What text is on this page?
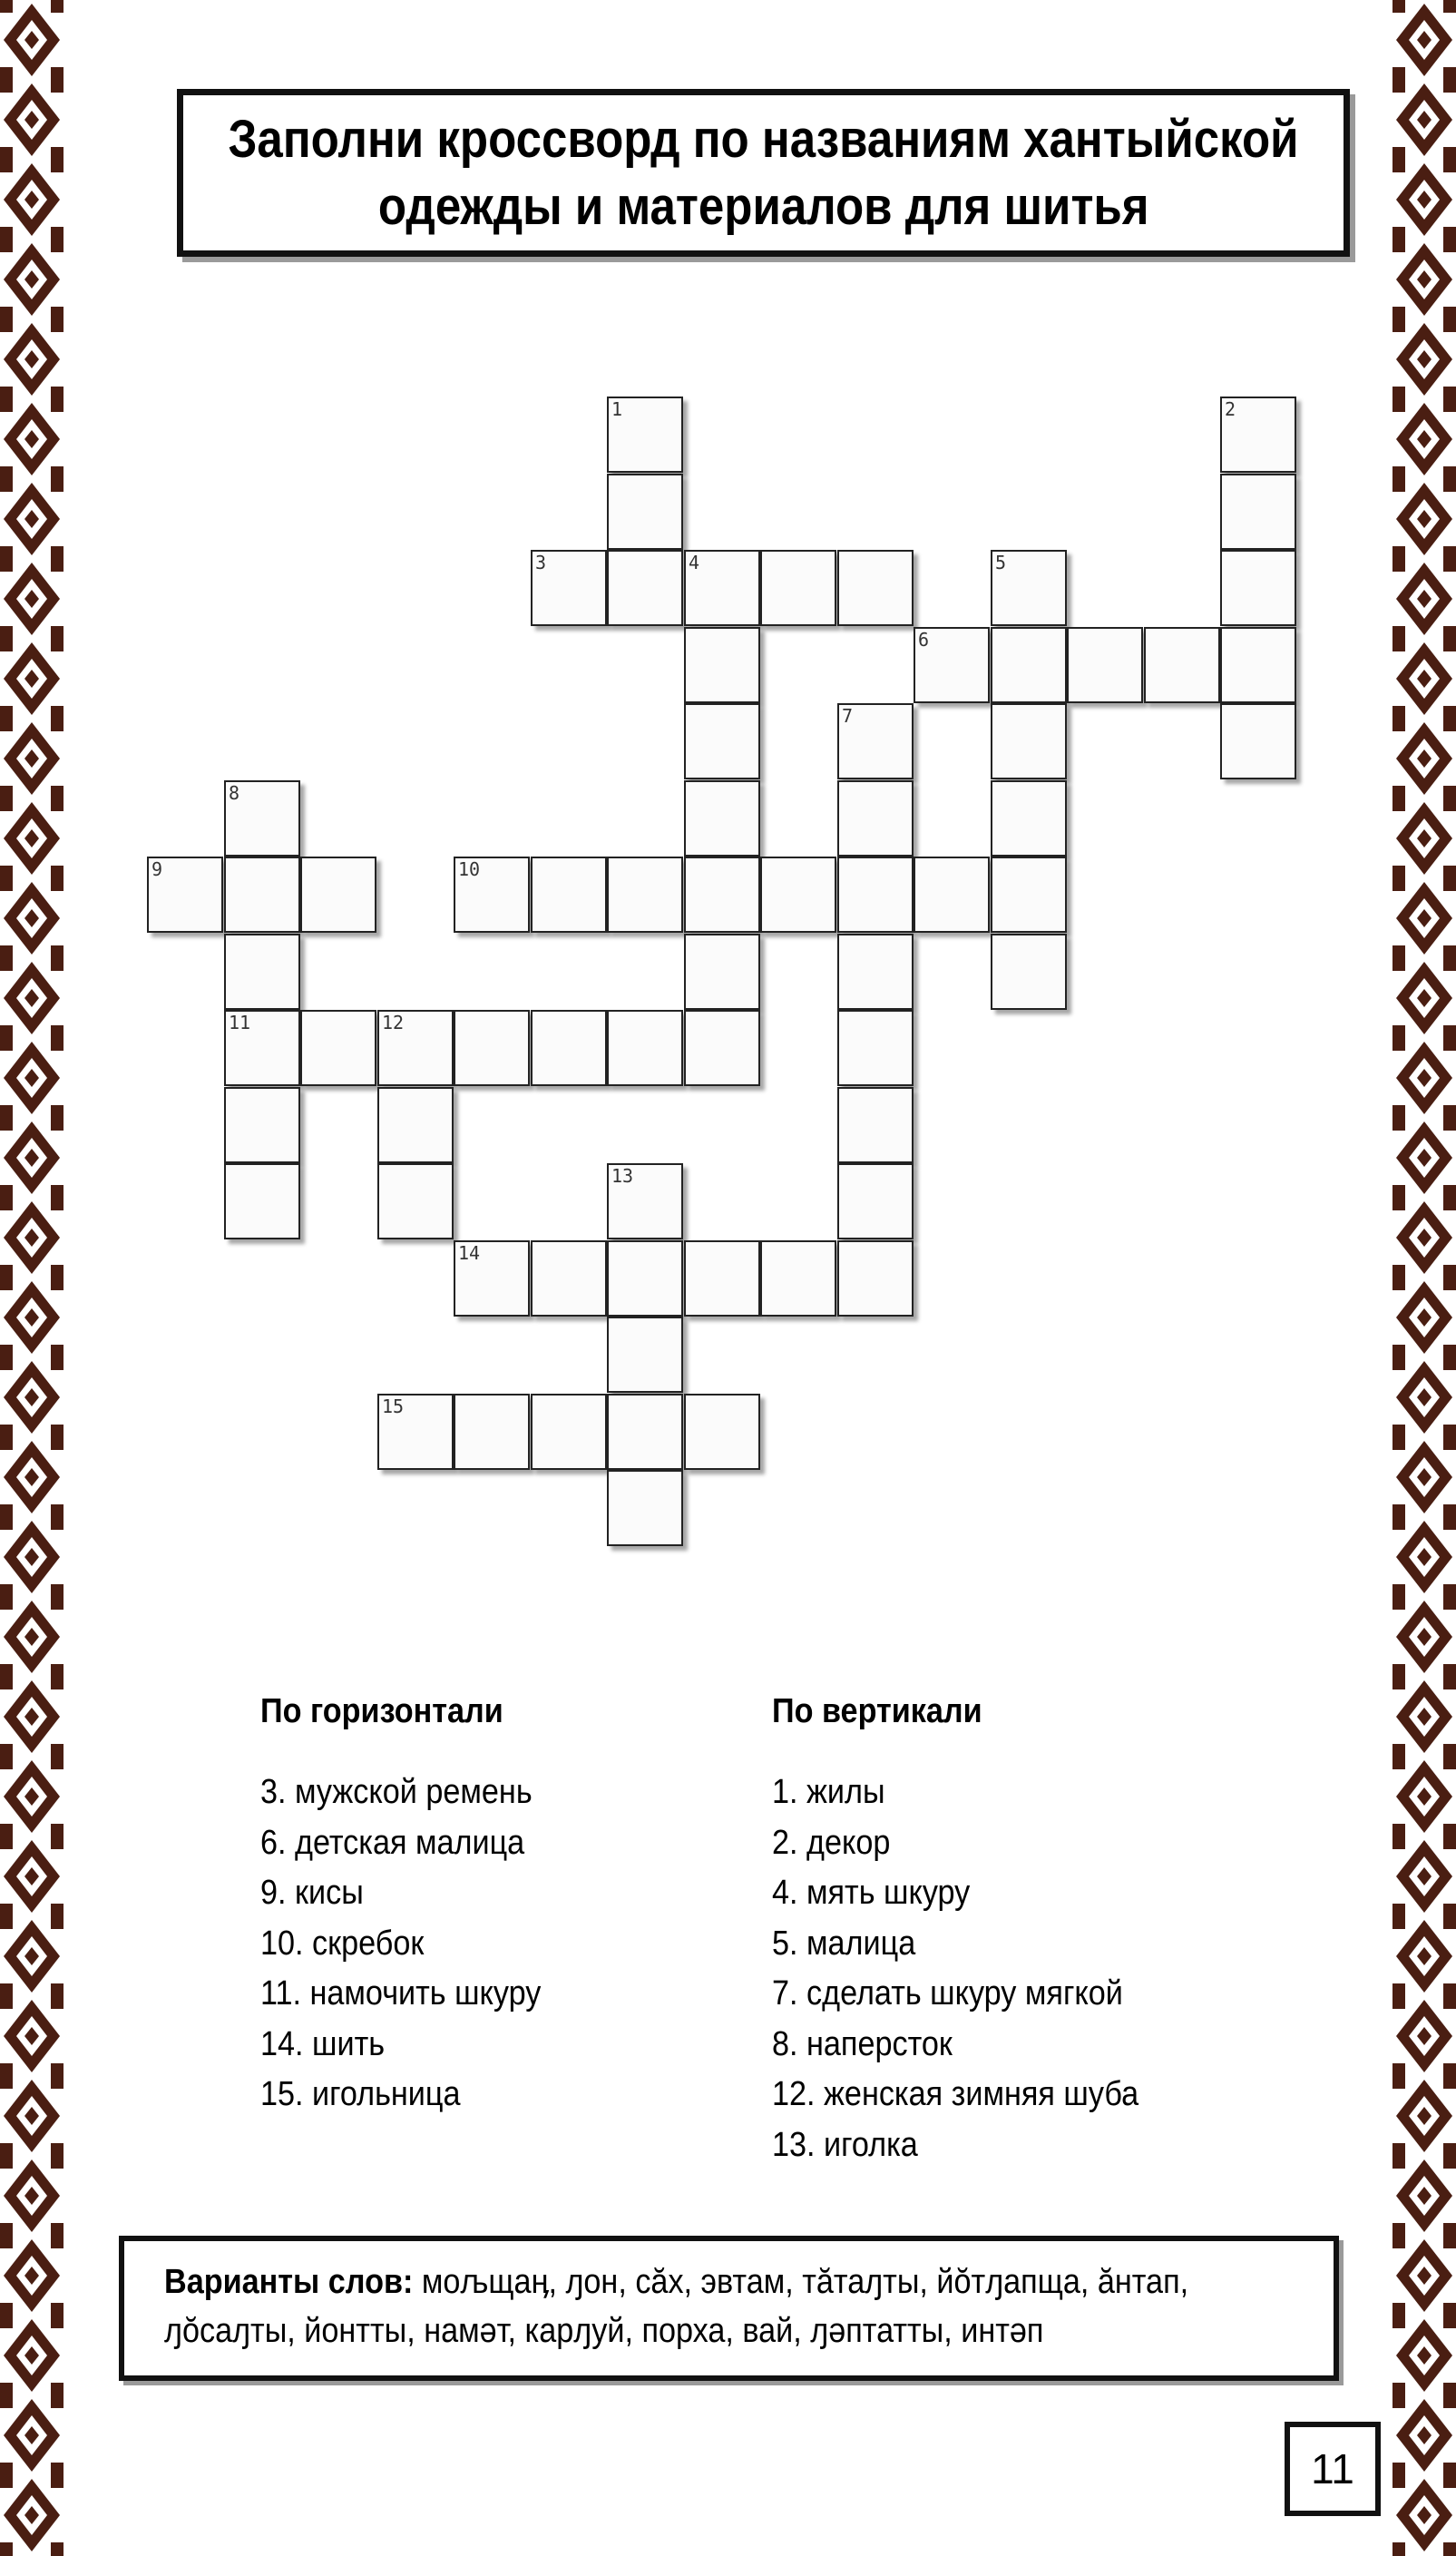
Заполни кроссворд по названиям хантыйской
одежды и материалов для шитья
1	2
3	4	5
6
7
8
9	10
11	12
13
14
15
По горизонтали
3. мужской ремень
6. детская малица
9. кисы
10. скребок
11. намочить шкуру
14. шить
15. игольница
По вертикали
1. жилы
2. декор
4. мять шкуру
5. малица
7. сделать шкуру мягкой
8. наперсток
12. женская зимняя шуба
13. иголка
Варианты слов: мољщаӊ, ԓон, сăх, эвтам, тăтаԓты, йŏтԓапща, ăнтап,
ԓŏсаԓты, йонтты, намəт, карԓуй, порха, вай, ԓəптатты, интəп
11
